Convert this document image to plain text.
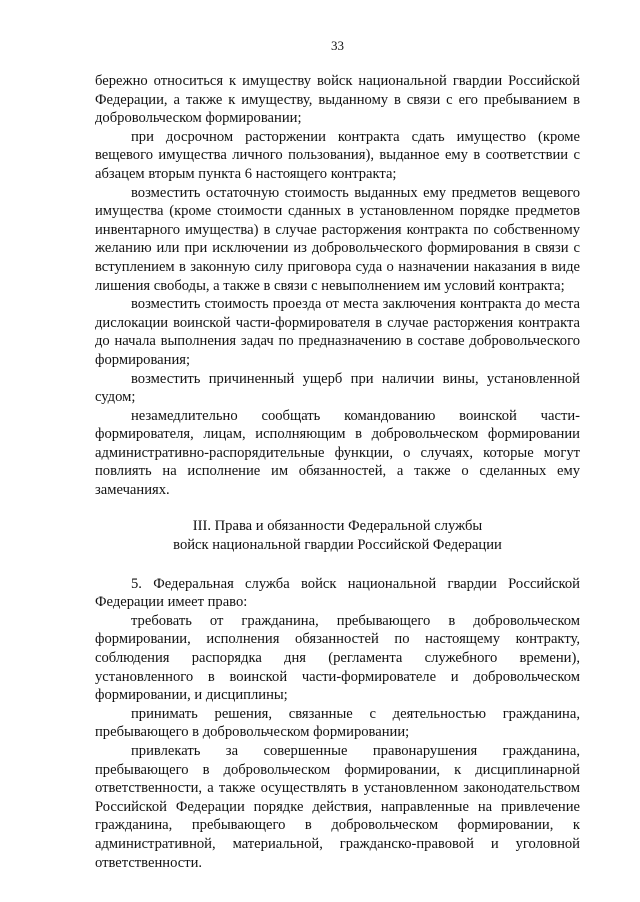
33

бережно относиться к имуществу войск национальной гвардии Российской Федерации, а также к имуществу, выданному в связи с его пребыванием в добровольческом формировании;

при досрочном расторжении контракта сдать имущество (кроме вещевого имущества личного пользования), выданное ему в соответствии с абзацем вторым пункта 6 настоящего контракта;

возместить остаточную стоимость выданных ему предметов вещевого имущества (кроме стоимости сданных в установленном порядке предметов инвентарного имущества) в случае расторжения контракта по собственному желанию или при исключении из добровольческого формирования в связи с вступлением в законную силу приговора суда о назначении наказания в виде лишения свободы, а также в связи с невыполнением им условий контракта;

возместить стоимость проезда от места заключения контракта до места дислокации воинской части-формирователя в случае расторжения контракта до начала выполнения задач по предназначению в составе добровольческого формирования;

возместить причиненный ущерб при наличии вины, установленной судом;

незамедлительно сообщать командованию воинской части-формирователя, лицам, исполняющим в добровольческом формировании административно-распорядительные функции, о случаях, которые могут повлиять на исполнение им обязанностей, а также о сделанных ему замечаниях.

III. Права и обязанности Федеральной службы
войск национальной гвардии Российской Федерации

5. Федеральная служба войск национальной гвардии Российской Федерации имеет право:

требовать от гражданина, пребывающего в добровольческом формировании, исполнения обязанностей по настоящему контракту, соблюдения распорядка дня (регламента служебного времени), установленного в воинской части-формирователе и добровольческом формировании, и дисциплины;

принимать решения, связанные с деятельностью гражданина, пребывающего в добровольческом формировании;

привлекать за совершенные правонарушения гражданина, пребывающего в добровольческом формировании, к дисциплинарной ответственности, а также осуществлять в установленном законодательством Российской Федерации порядке действия, направленные на привлечение гражданина, пребывающего в добровольческом формировании, к административной, материальной, гражданско-правовой и уголовной ответственности.
